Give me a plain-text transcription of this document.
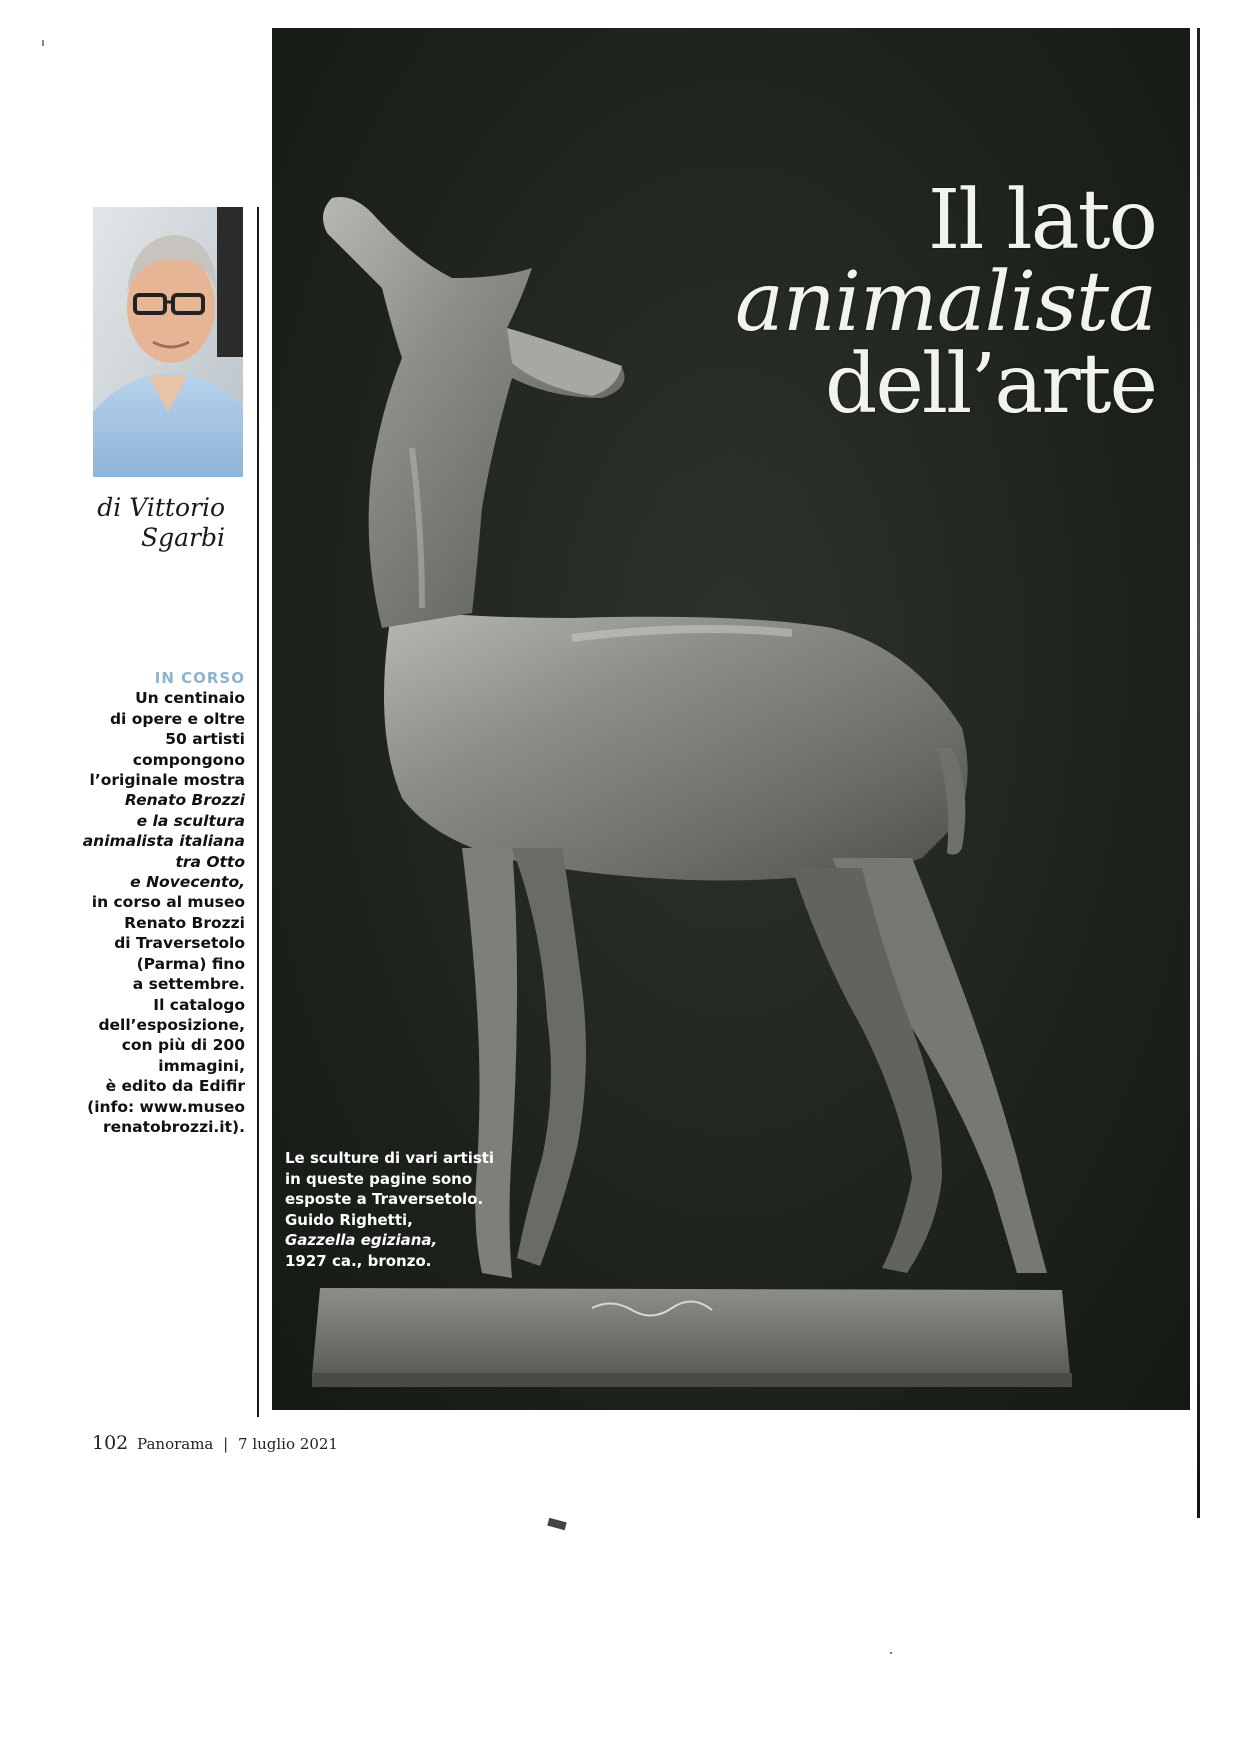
di Vittorio
Sgarbi
IN CORSO
Un centinaio
di opere e oltre
50 artisti
compongono
l’originale mostra
Renato Brozzi
e la scultura
animalista italiana
tra Otto
e Novecento,
in corso al museo
Renato Brozzi
di Traversetolo
(Parma) fino
a settembre.
Il catalogo
dell’esposizione,
con più di 200
immagini,
è edito da Edifir
(info: www.museo
renatobrozzi.it).
Il lato
animalista
dell’arte
Le sculture di vari artisti
in queste pagine sono
esposte a Traversetolo.
Guido Righetti,
Gazzella egiziana,
1927 ca., bronzo.
102 Panorama | 7 luglio 2021
